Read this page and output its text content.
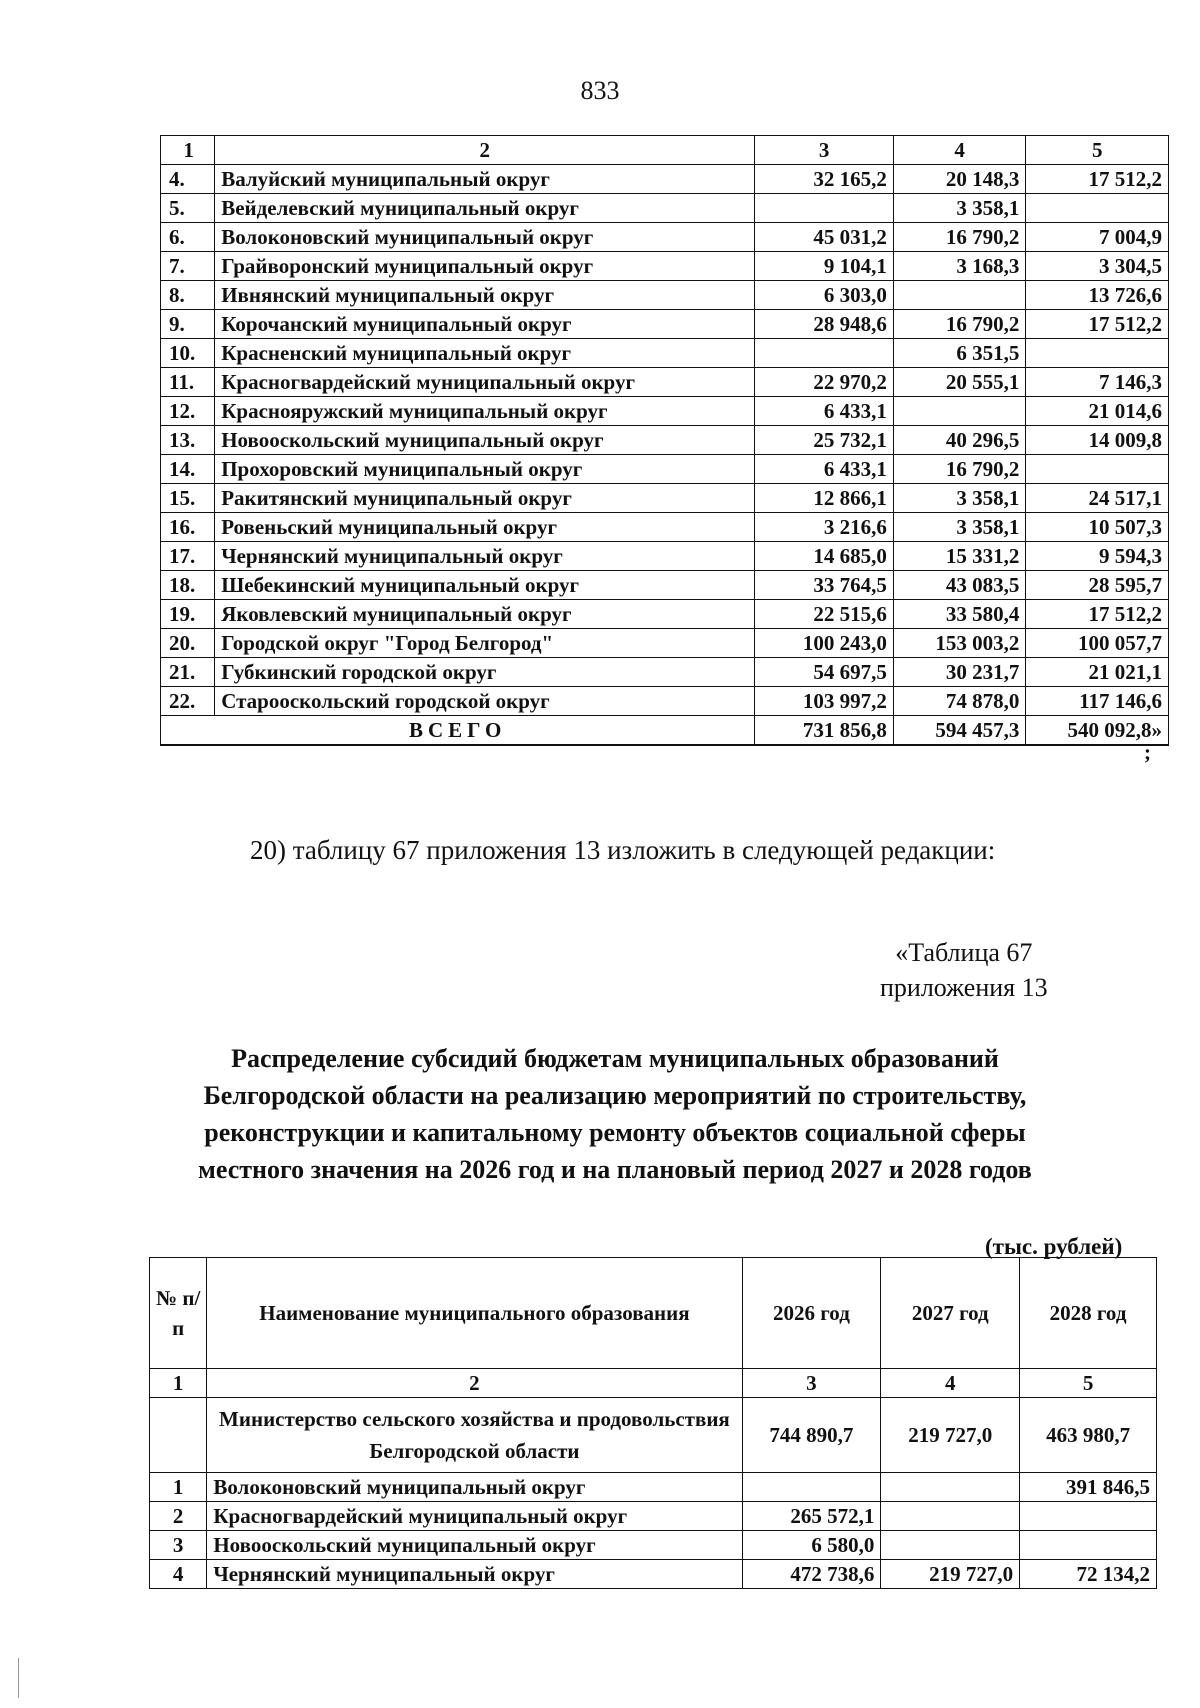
833
1	2	3	4	5
4.	Валуйский муниципальный округ	32 165,2	20 148,3	17 512,2
5.	Вейделевский муниципальный округ		3 358,1	
6.	Волоконовский муниципальный округ	45 031,2	16 790,2	7 004,9
7.	Грайворонский муниципальный округ	9 104,1	3 168,3	3 304,5
8.	Ивнянский муниципальный округ	6 303,0		13 726,6
9.	Корочанский муниципальный округ	28 948,6	16 790,2	17 512,2
10.	Красненский муниципальный округ		6 351,5	
11.	Красногвардейский муниципальный округ	22 970,2	20 555,1	7 146,3
12.	Краснояружский муниципальный округ	6 433,1		21 014,6
13.	Новооскольский муниципальный округ	25 732,1	40 296,5	14 009,8
14.	Прохоровский муниципальный округ	6 433,1	16 790,2	
15.	Ракитянский муниципальный округ	12 866,1	3 358,1	24 517,1
16.	Ровеньский муниципальный округ	3 216,6	3 358,1	10 507,3
17.	Чернянский муниципальный округ	14 685,0	15 331,2	9 594,3
18.	Шебекинский муниципальный округ	33 764,5	43 083,5	28 595,7
19.	Яковлевский муниципальный округ	22 515,6	33 580,4	17 512,2
20.	Городской округ "Город Белгород"	100 243,0	153 003,2	100 057,7
21.	Губкинский городской округ	54 697,5	30 231,7	21 021,1
22.	Старооскольский городской округ	103 997,2	74 878,0	117 146,6
ВСЕГО		731 856,8	594 457,3	540 092,8»
;
20) таблицу 67 приложения 13 изложить в следующей редакции:
«Таблица 67
приложения 13
Распределение субсидий бюджетам муниципальных образований Белгородской области на реализацию мероприятий по строительству, реконструкции и капитальному ремонту объектов социальной сферы местного значения на 2026 год и на плановый период 2027 и 2028 годов
(тыс. рублей)
№ п/п	Наименование муниципального образования	2026 год	2027 год	2028 год
1	2	3	4	5
	Министерство сельского хозяйства и продовольствия Белгородской области	744 890,7	219 727,0	463 980,7
1	Волоконовский муниципальный округ			391 846,5
2	Красногвардейский муниципальный округ	265 572,1		
3	Новооскольский муниципальный округ	6 580,0		
4	Чернянский муниципальный округ	472 738,6	219 727,0	72 134,2
